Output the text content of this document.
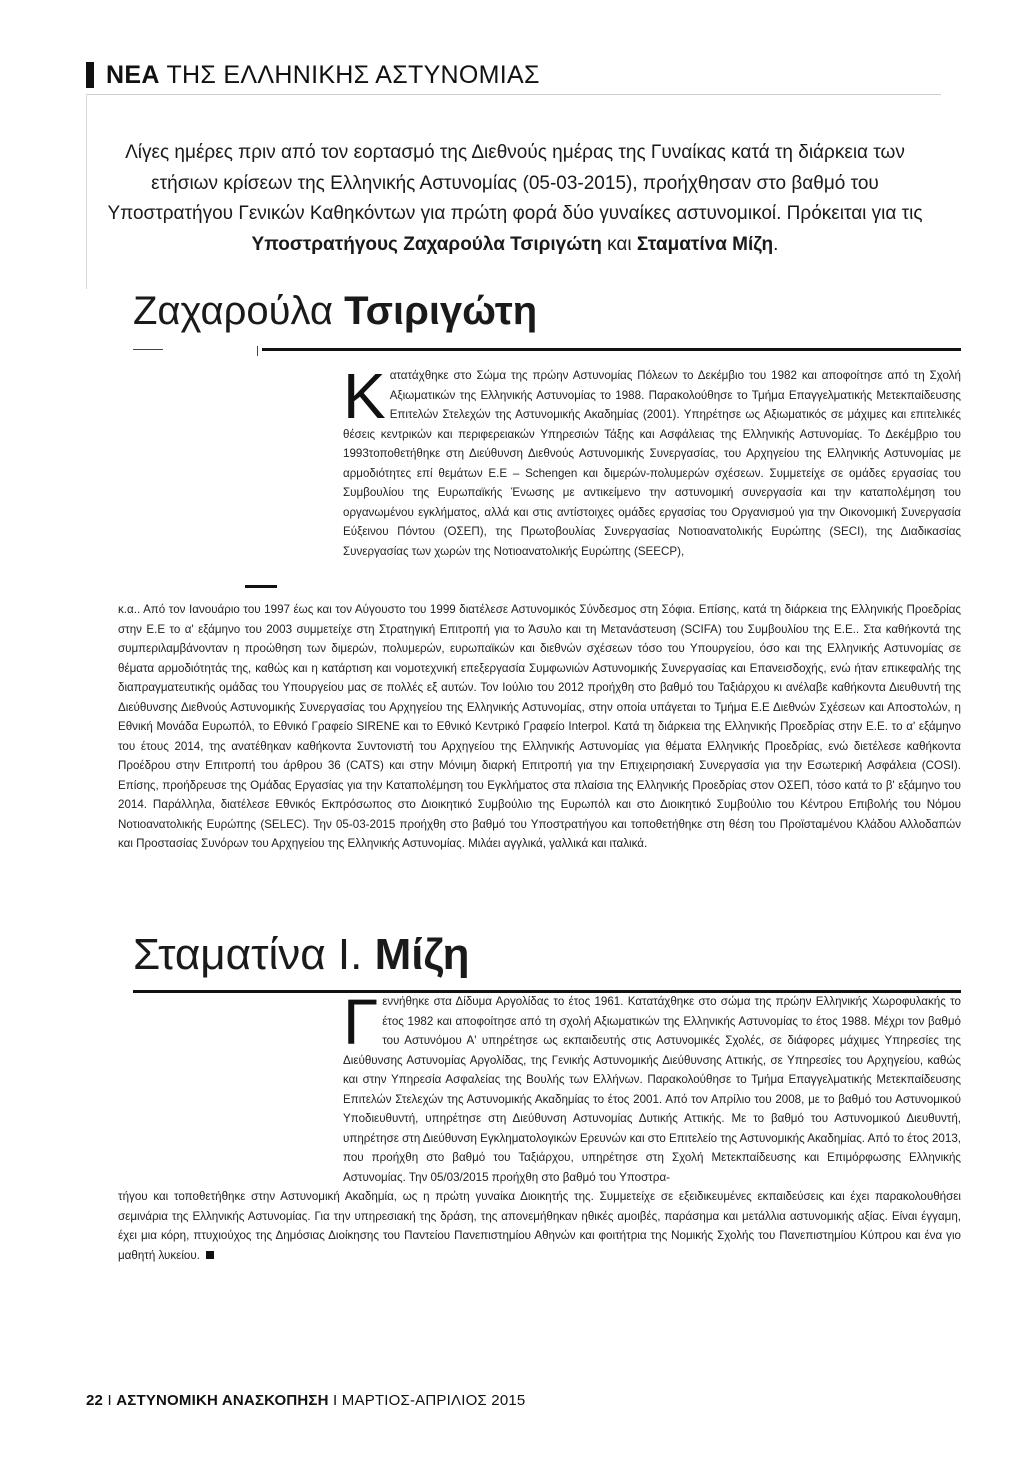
ΝΕΑ ΤΗΣ ΕΛΛΗΝΙΚΗΣ ΑΣΤΥΝΟΜΙΑΣ
Λίγες ημέρες πριν από τον εορτασμό της Διεθνούς ημέρας της Γυναίκας κατά τη διάρκεια των ετήσιων κρίσεων της Ελληνικής Αστυνομίας (05-03-2015), προήχθησαν στο βαθμό του Υποστρατήγου Γενικών Καθηκόντων για πρώτη φορά δύο γυναίκες αστυνομικοί. Πρόκειται για τις Υποστρατήγους Ζαχαρούλα Τσιριγώτη και Σταματίνα Μίζη.
Ζαχαρούλα Τσιριγώτη
Κατατάχθηκε στο Σώμα της πρώην Αστυνομίας Πόλεων το Δεκέμβιο του 1982 και αποφοίτησε από τη Σχολή Αξιωματικών της Ελληνικής Αστυνομίας το 1988. Παρακολούθησε το Τμήμα Επαγγελματικής Μετεκπαίδευσης Επιτελών Στελεχών της Αστυνομικής Ακαδημίας (2001). Υπηρέτησε ως Αξιωματικός σε μάχιμες και επιτελικές θέσεις κεντρικών και περιφερειακών Υπηρεσιών Τάξης και Ασφάλειας της Ελληνικής Αστυνομίας. Το Δεκέμβριο του 1993τοποθετήθηκε στη Διεύθυνση Διεθνούς Αστυνομικής Συνεργασίας, του Αρχηγείου της Ελληνικής Αστυνομίας με αρμοδιότητες επί θεμάτων Ε.Ε – Schengen και διμερών-πολυμερών σχέσεων. Συμμετείχε σε ομάδες εργασίας του Συμβουλίου της Ευρωπαϊκής Ένωσης με αντικείμενο την αστυνομική συνεργασία και την καταπολέμηση του οργανωμένου εγκλήματος, αλλά και στις αντίστοιχες ομάδες εργασίας του Οργανισμού για την Οικονομική Συνεργασία Εύξεινου Πόντου (ΟΣΕΠ), της Πρωτοβουλίας Συνεργασίας Νοτιοανατολικής Ευρώπης (SECI), της Διαδικασίας Συνεργασίας των χωρών της Νοτιοανατολικής Ευρώπης (SEECP),
κ.α.. Από τον Ιανουάριο του 1997 έως και τον Αύγουστο του 1999 διατέλεσε Αστυνομικός Σύνδεσμος στη Σόφια. Επίσης, κατά τη διάρκεια της Ελληνικής Προεδρίας στην Ε.Ε το α' εξάμηνο του 2003 συμμετείχε στη Στρατηγική Επιτροπή για το Άσυλο και τη Μετανάστευση (SCIFA) του Συμβουλίου της Ε.Ε.. Στα καθήκοντά της συμπεριλαμβάνονταν η προώθηση των διμερών, πολυμερών, ευρωπαϊκών και διεθνών σχέσεων τόσο του Υπουργείου, όσο και της Ελληνικής Αστυνομίας σε θέματα αρμοδιότητάς της, καθώς και η κατάρτιση και νομοτεχνική επεξεργασία Συμφωνιών Αστυνομικής Συνεργασίας και Επανεισδοχής, ενώ ήταν επικεφαλής της διαπραγματευτικής ομάδας του Υπουργείου μας σε πολλές εξ αυτών. Τον Ιούλιο του 2012 προήχθη στο βαθμό του Ταξιάρχου κι ανέλαβε καθήκοντα Διευθυντή της Διεύθυνσης Διεθνούς Αστυνομικής Συνεργασίας του Αρχηγείου της Ελληνικής Αστυνομίας, στην οποία υπάγεται το Τμήμα Ε.Ε Διεθνών Σχέσεων και Αποστολών, η Εθνική Μονάδα Ευρωπόλ, το Εθνικό Γραφείο SIRENE και το Εθνικό Κεντρικό Γραφείο Interpol. Κατά τη διάρκεια της Ελληνικής Προεδρίας στην Ε.Ε. το α' εξάμηνο του έτους 2014, της ανατέθηκαν καθήκοντα Συντονιστή του Αρχηγείου της Ελληνικής Αστυνομίας για θέματα Ελληνικής Προεδρίας, ενώ διετέλεσε καθήκοντα Προέδρου στην Επιτροπή του άρθρου 36 (CATS) και στην Μόνιμη διαρκή Επιτροπή για την Επιχειρησιακή Συνεργασία για την Εσωτερική Ασφάλεια (COSI). Επίσης, προήδρευσε της Ομάδας Εργασίας για την Καταπολέμηση του Εγκλήματος στα πλαίσια της Ελληνικής Προεδρίας στον ΟΣΕΠ, τόσο κατά το β' εξάμηνο του 2014. Παράλληλα, διατέλεσε Εθνικός Εκπρόσωπος στο Διοικητικό Συμβούλιο της Ευρωπόλ και στο Διοικητικό Συμβούλιο του Κέντρου Επιβολής του Νόμου Νοτιοανατολικής Ευρώπης (SELEC). Την 05-03-2015 προήχθη στο βαθμό του Υποστρατήγου και τοποθετήθηκε στη θέση του Προϊσταμένου Κλάδου Αλλοδαπών και Προστασίας Συνόρων του Αρχηγείου της Ελληνικής Αστυνομίας. Μιλάει αγγλικά, γαλλικά και ιταλικά.
Σταματίνα Ι. Μίζη
Γεννήθηκε στα Δίδυμα Αργολίδας το έτος 1961. Κατατάχθηκε στο σώμα της πρώην Ελληνικής Χωροφυλακής το έτος 1982 και αποφοίτησε από τη σχολή Αξιωματικών της Ελληνικής Αστυνομίας το έτος 1988. Μέχρι τον βαθμό του Αστυνόμου Α' υπηρέτησε ως εκπαιδευτής στις Αστυνομικές Σχολές, σε διάφορες μάχιμες Υπηρεσίες της Διεύθυνσης Αστυνομίας Αργολίδας, της Γενικής Αστυνομικής Διεύθυνσης Αττικής, σε Υπηρεσίες του Αρχηγείου, καθώς και στην Υπηρεσία Ασφαλείας της Βουλής των Ελλήνων. Παρακολούθησε το Τμήμα Επαγγελματικής Μετεκπαίδευσης Επιτελών Στελεχών της Αστυνομικής Ακαδημίας το έτος 2001. Από τον Απρίλιο του 2008, με το βαθμό του Αστυνομικού Υποδιευθυντή, υπηρέτησε στη Διεύθυνση Αστυνομίας Δυτικής Αττικής. Με το βαθμό του Αστυνομικού Διευθυντή, υπηρέτησε στη Διεύθυνση Εγκληματολογικών Ερευνών και στο Επιτελείο της Αστυνομικής Ακαδημίας. Από το έτος 2013, που προήχθη στο βαθμό του Ταξιάρχου, υπηρέτησε στη Σχολή Μετεκπαίδευσης και Επιμόρφωσης Ελληνικής Αστυνομίας. Την 05/03/2015 προήχθη στο βαθμό του Υποστρα-
τήγου και τοποθετήθηκε στην Αστυνομική Ακαδημία, ως η πρώτη γυναίκα Διοικητής της. Συμμετείχε σε εξειδικευμένες εκπαιδεύσεις και έχει παρακολουθήσει σεμινάρια της Ελληνικής Αστυνομίας. Για την υπηρεσιακή της δράση, της απονεμήθηκαν ηθικές αμοιβές, παράσημα και μετάλλια αστυνομικής αξίας. Είναι έγγαμη, έχει μια κόρη, πτυχιούχος της Δημόσιας Διοίκησης του Παντείου Πανεπιστημίου Αθηνών και φοιτήτρια της Νομικής Σχολής του Πανεπιστημίου Κύπρου και ένα γιο μαθητή λυκείου.
22 I ΑΣΤΥΝΟΜΙΚΗ ΑΝΑΣΚΟΠΗΣΗ I ΜΑΡΤΙΟΣ-ΑΠΡΙΛΙΟΣ 2015
